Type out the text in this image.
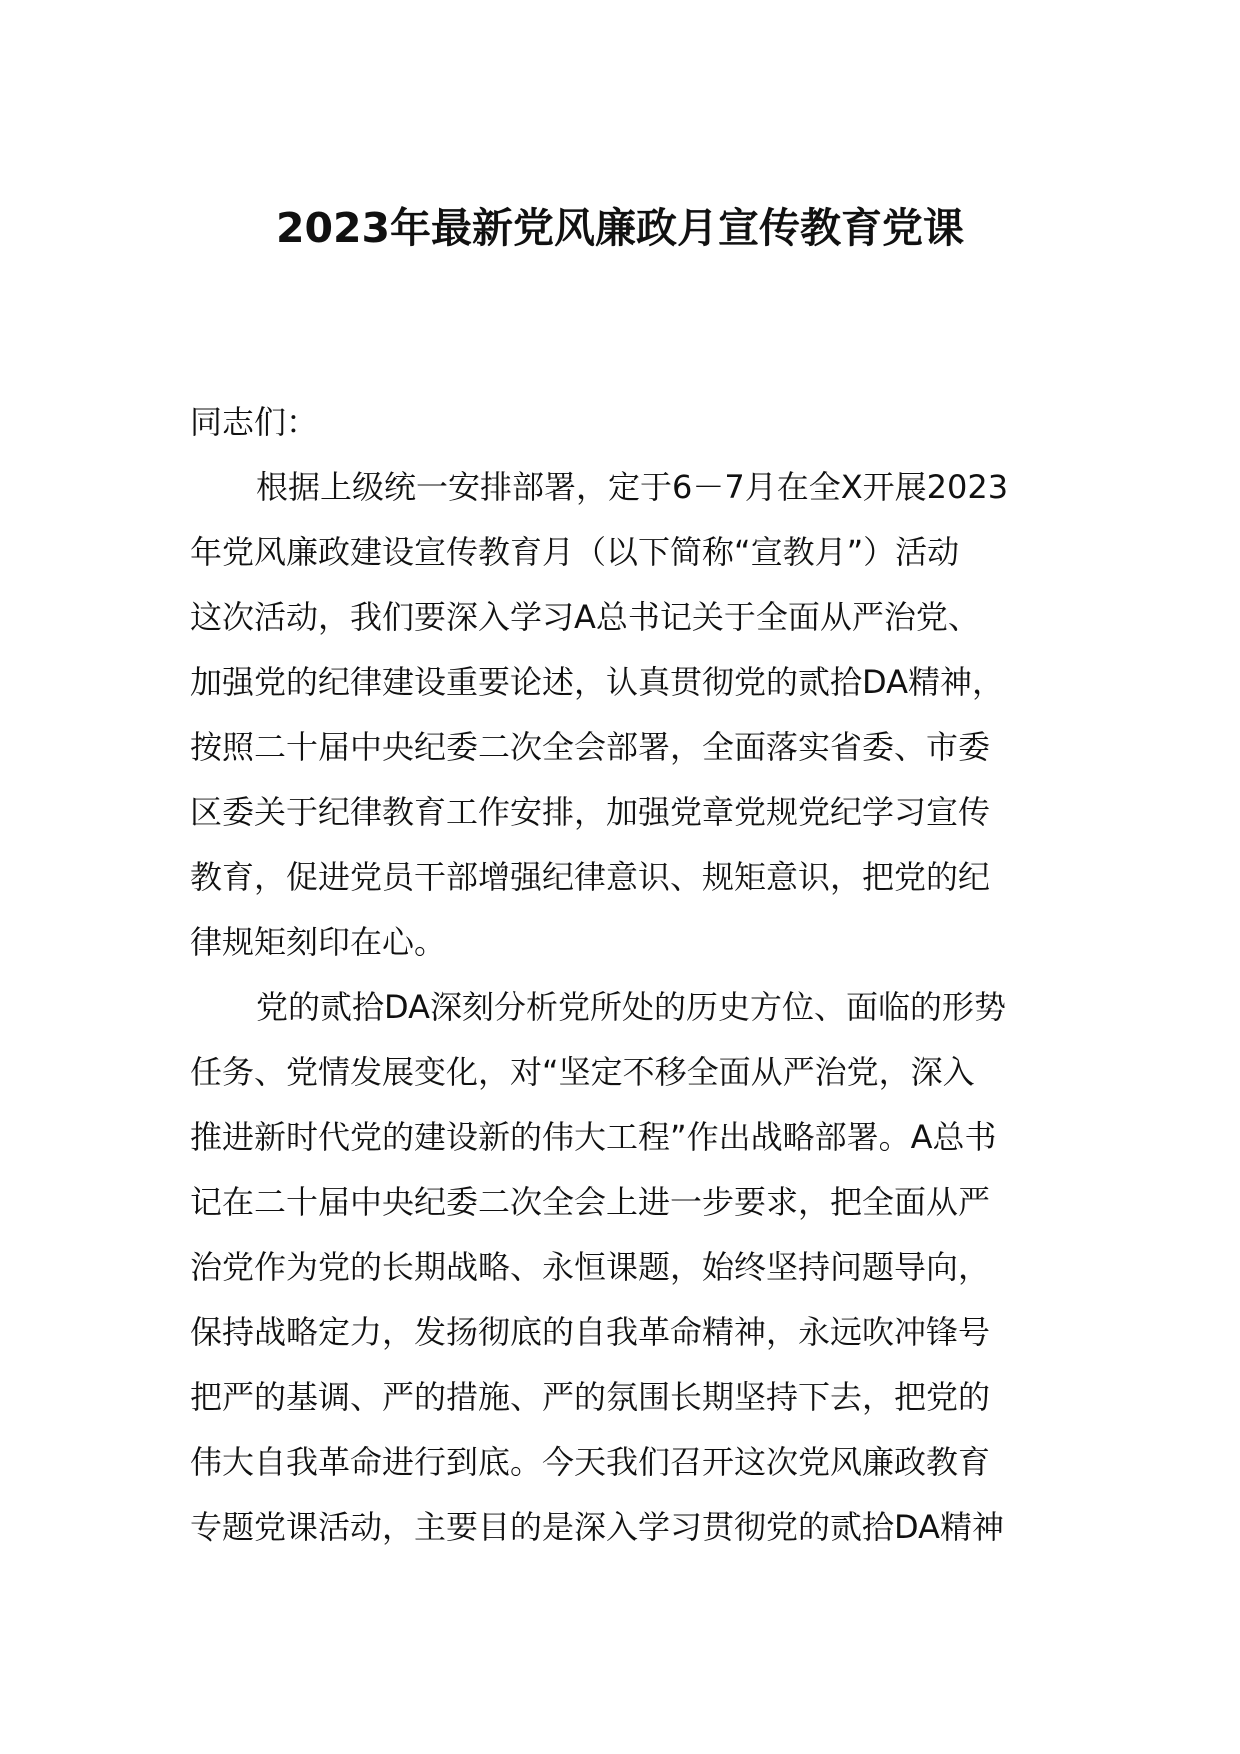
2023年最新党风廉政月宣传教育党课

同志们：

根据上级统一安排部署，定于6－7月在全X开展2023
年党风廉政建设宣传教育月（以下简称“宣教月”）活动
这次活动，我们要深入学习A总书记关于全面从严治党、
加强党的纪律建设重要论述，认真贯彻党的贰拾DA精神，
按照二十届中央纪委二次全会部署，全面落实省委、市委
区委关于纪律教育工作安排，加强党章党规党纪学习宣传
教育，促进党员干部增强纪律意识、规矩意识，把党的纪
律规矩刻印在心。

党的贰拾DA深刻分析党所处的历史方位、面临的形势
任务、党情发展变化，对“坚定不移全面从严治党，深入
推进新时代党的建设新的伟大工程”作出战略部署。A总书
记在二十届中央纪委二次全会上进一步要求，把全面从严
治党作为党的长期战略、永恒课题，始终坚持问题导向，
保持战略定力，发扬彻底的自我革命精神，永远吹冲锋号
把严的基调、严的措施、严的氛围长期坚持下去，把党的
伟大自我革命进行到底。今天我们召开这次党风廉政教育
专题党课活动，主要目的是深入学习贯彻党的贰拾DA精神
